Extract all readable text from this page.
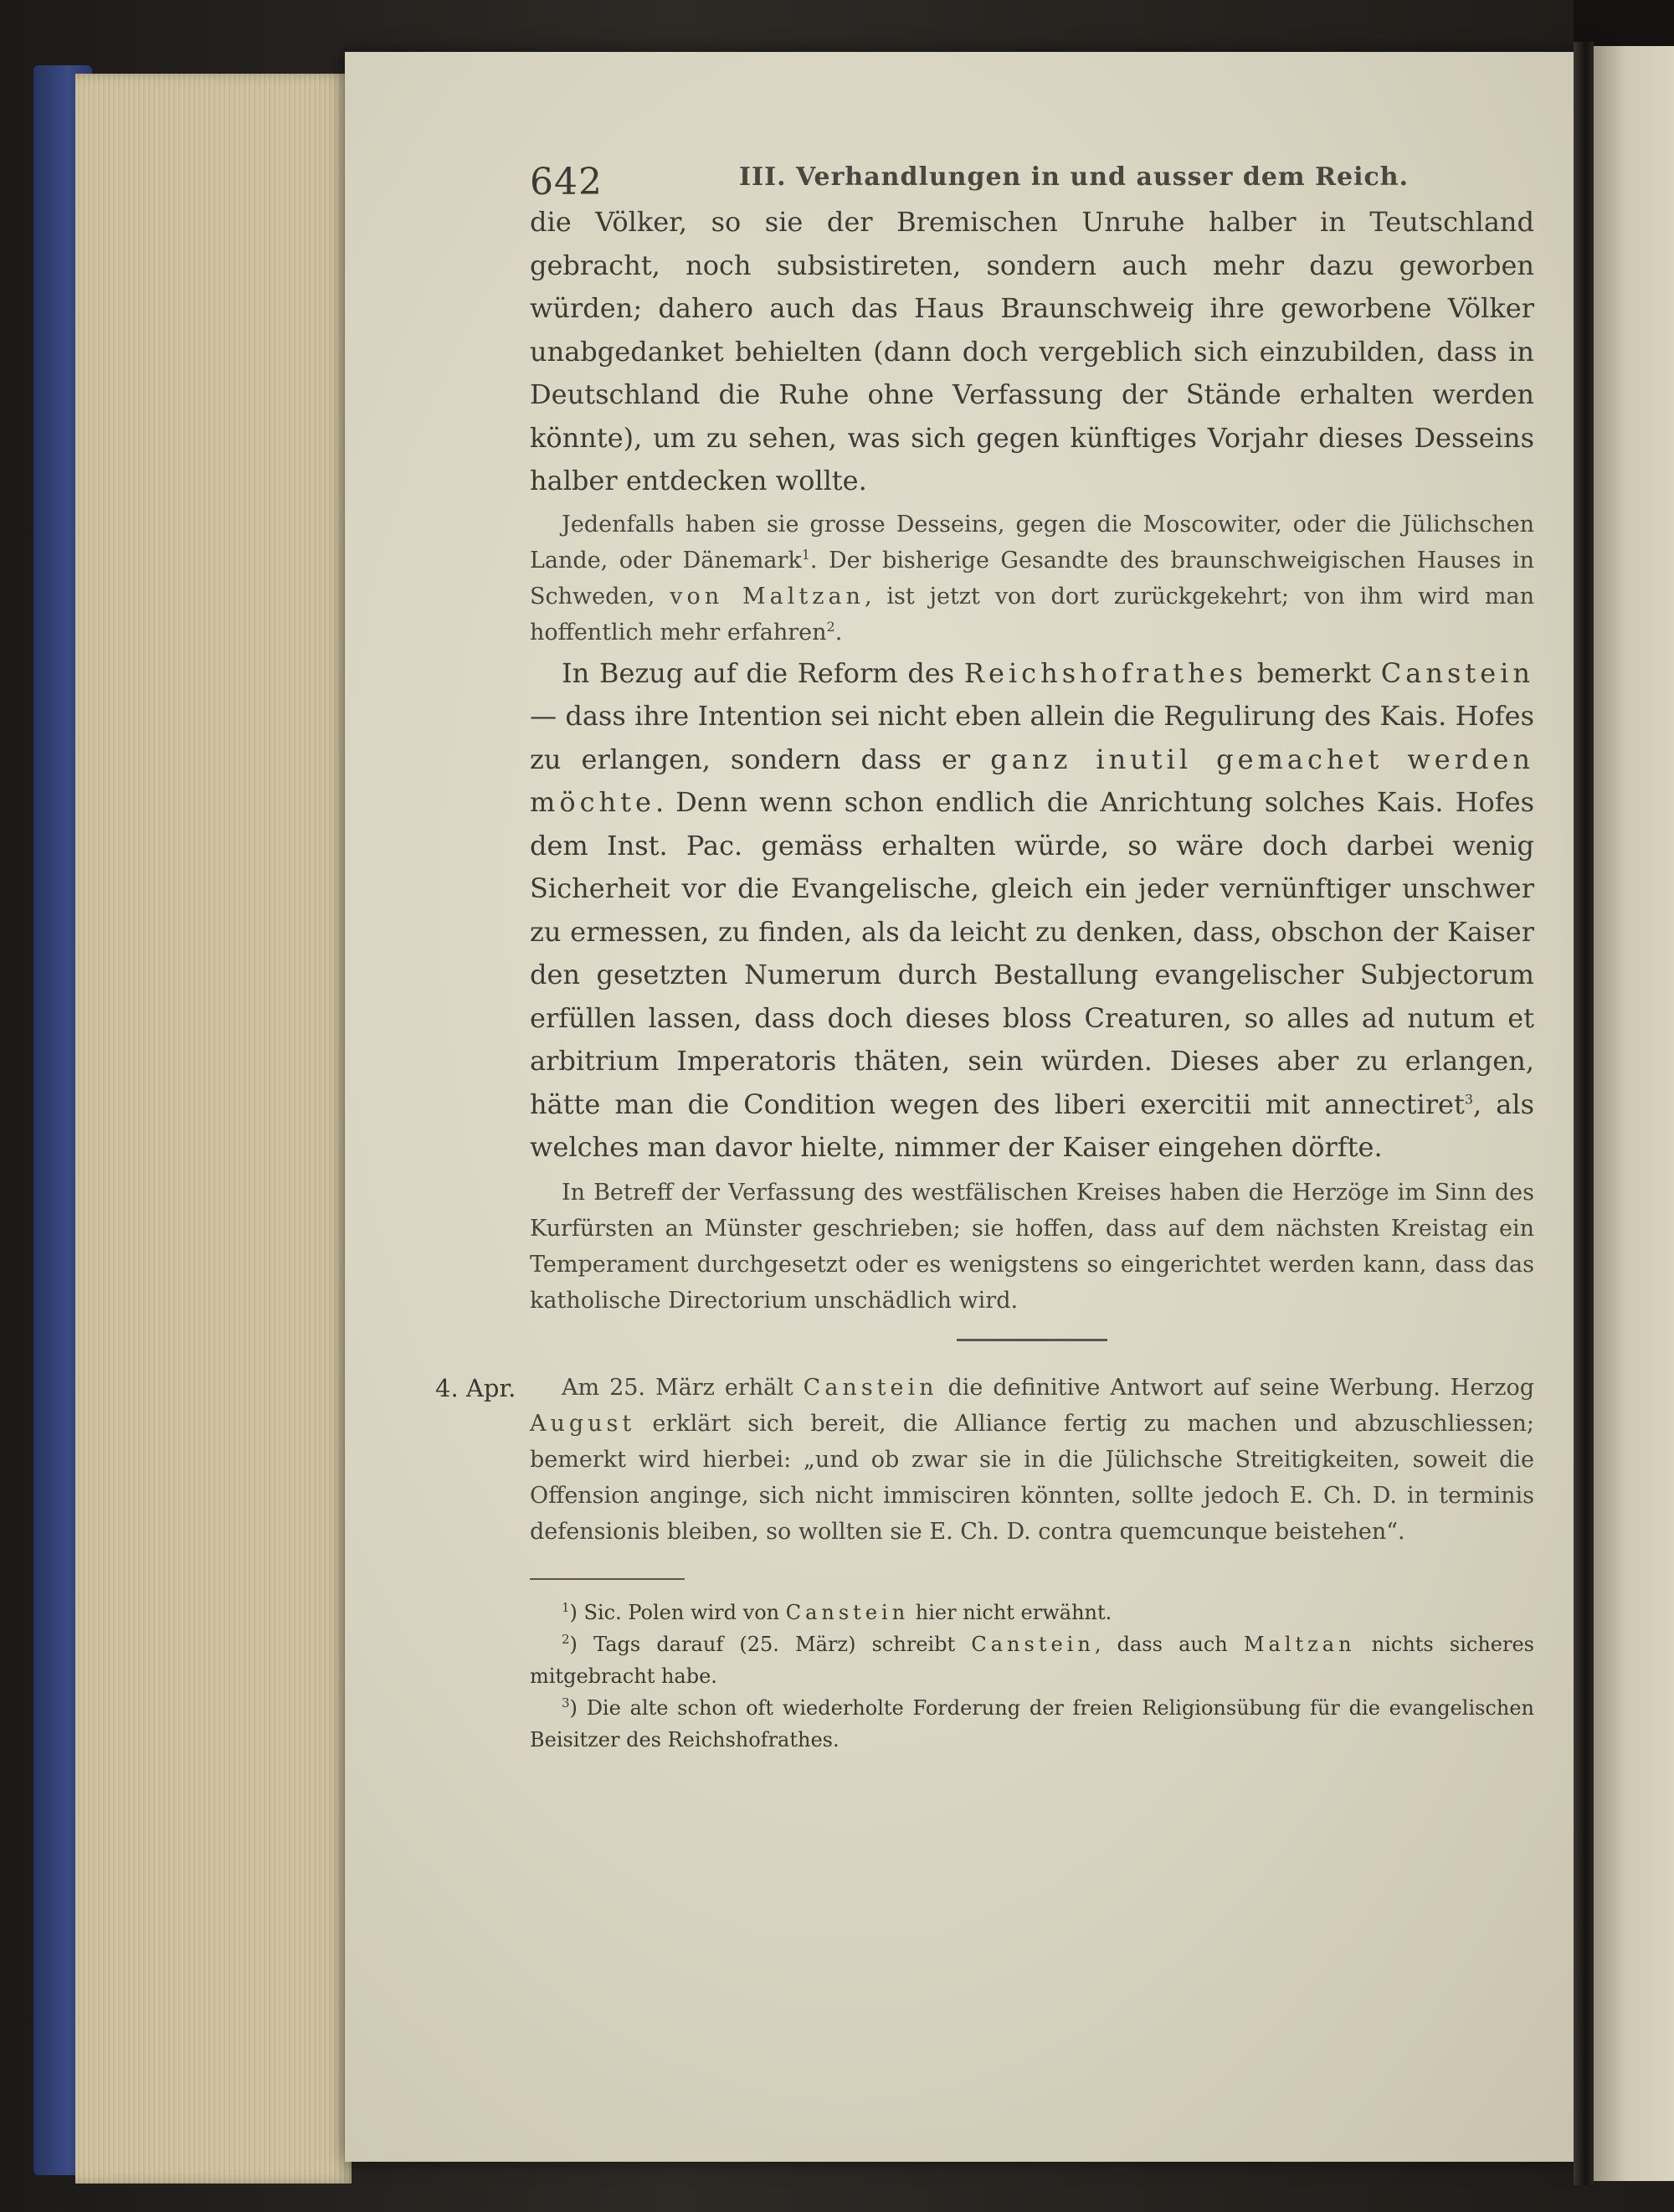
642	III. Verhandlungen in und ausser dem Reich.

die Völker, so sie der Bremischen Unruhe halber in Teutschland gebracht, noch subsistireten, sondern auch mehr dazu geworben würden; dahero auch das Haus Braunschweig ihre geworbene Völker unabgedanket behielten (dann doch vergeblich sich einzubilden, dass in Deutschland die Ruhe ohne Verfassung der Stände erhalten werden könnte), um zu sehen, was sich gegen künftiges Vorjahr dieses Desseins halber entdecken wollte.

Jedenfalls haben sie grosse Desseins, gegen die Moscowiter, oder die Jülichschen Lande, oder Dänemark$^1$. Der bisherige Gesandte des braunschweigischen Hauses in Schweden, von Maltzan, ist jetzt von dort zurückgekehrt; von ihm wird man hoffentlich mehr erfahren$^2$.

In Bezug auf die Reform des Reichshofrathes bemerkt Canstein — dass ihre Intention sei nicht eben allein die Regulirung des Kais. Hofes zu erlangen, sondern dass er ganz inutil gemachet werden möchte. Denn wenn schon endlich die Anrichtung solches Kais. Hofes dem Inst. Pac. gemäss erhalten würde, so wäre doch darbei wenig Sicherheit vor die Evangelische, gleich ein jeder vernünftiger unschwer zu ermessen, zu finden, als da leicht zu denken, dass, obschon der Kaiser den gesetzten Numerum durch Bestallung evangelischer Subjectorum erfüllen lassen, dass doch dieses bloss Creaturen, so alles ad nutum et arbitrium Imperatoris thäten, sein würden. Dieses aber zu erlangen, hätte man die Condition wegen des liberi exercitii mit annectiret$^3$, als welches man davor hielte, nimmer der Kaiser eingehen dörfte.

In Betreff der Verfassung des westfälischen Kreises haben die Herzöge im Sinn des Kurfürsten an Münster geschrieben; sie hoffen, dass auf dem nächsten Kreistag ein Temperament durchgesetzt oder es wenigstens so eingerichtet werden kann, dass das katholische Directorium unschädlich wird.

4. Apr.	Am 25. März erhält Canstein die definitive Antwort auf seine Werbung. Herzog August erklärt sich bereit, die Alliance fertig zu machen und abzuschliessen; bemerkt wird hierbei: „und ob zwar sie in die Jülichsche Streitigkeiten, soweit die Offension anginge, sich nicht immisciren könnten, sollte jedoch E. Ch. D. in terminis defensionis bleiben, so wollten sie E. Ch. D. contra quemcunque beistehen“.

$^1$) Sic. Polen wird von Canstein hier nicht erwähnt.

$^2$) Tags darauf (25. März) schreibt Canstein, dass auch Maltzan nichts sicheres mitgebracht habe.

$^3$) Die alte schon oft wiederholte Forderung der freien Religionsübung für die evangelischen Beisitzer des Reichshofrathes.
